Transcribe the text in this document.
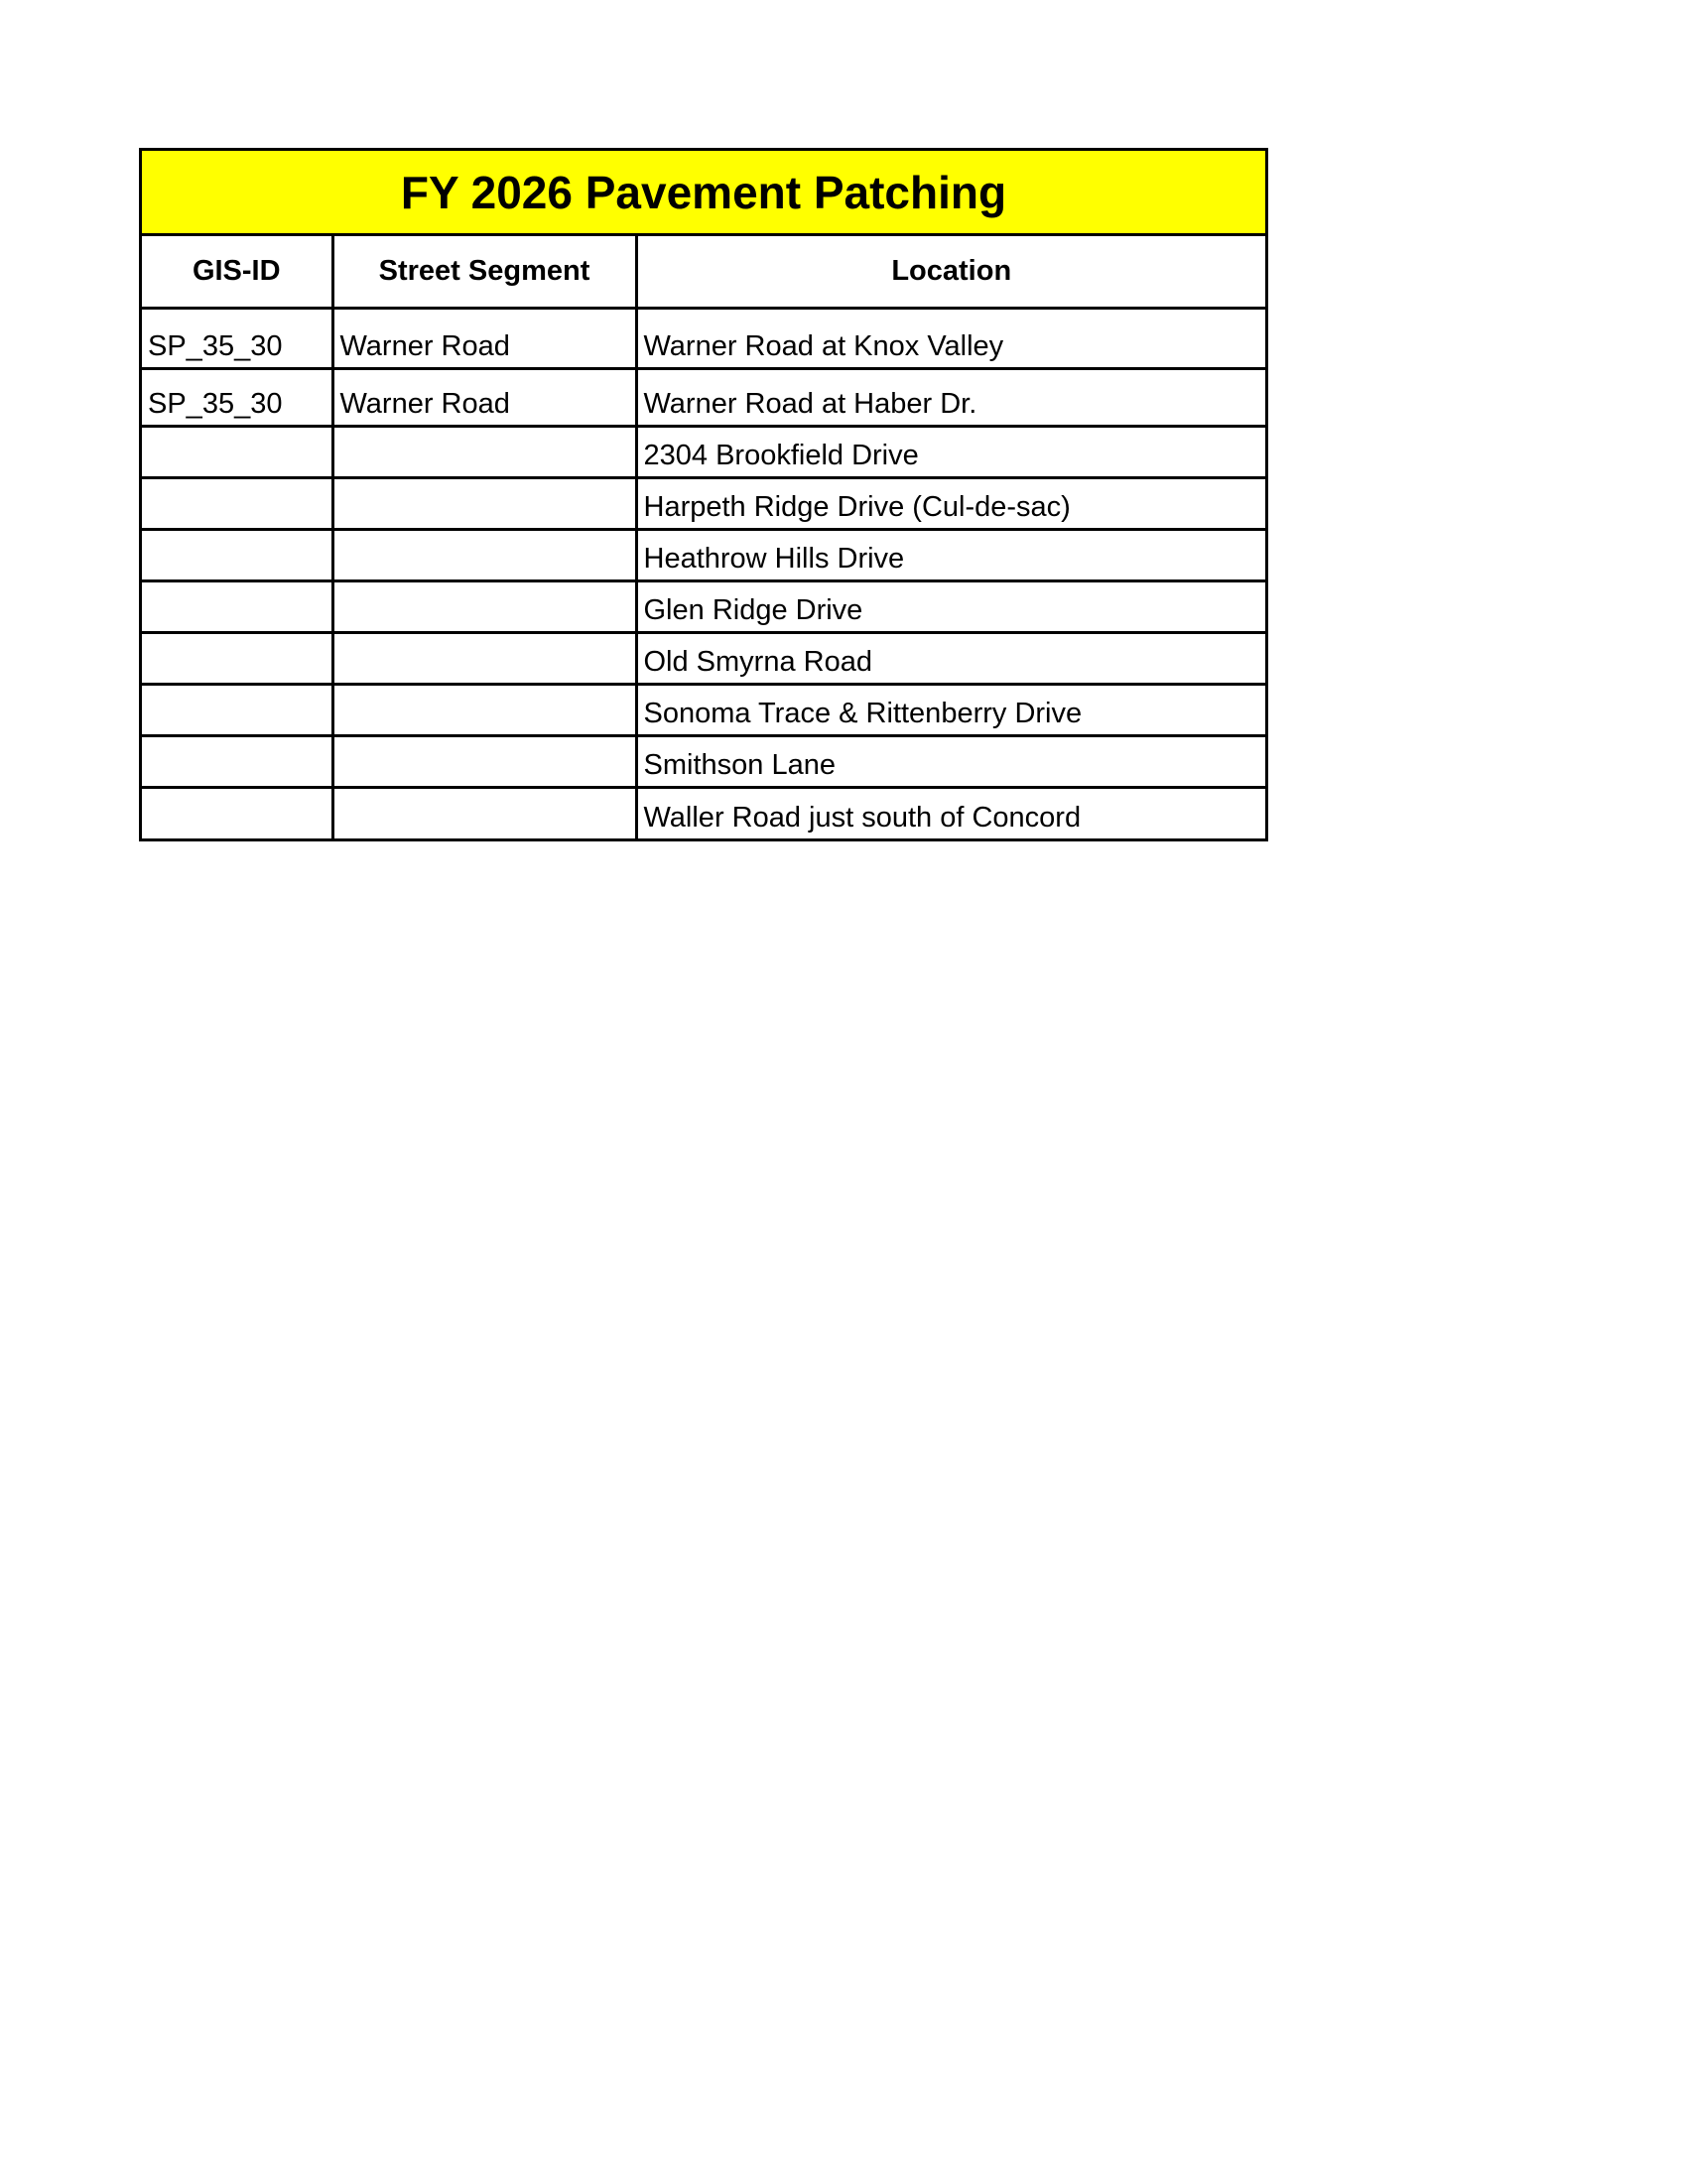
FY 2026 Pavement Patching
GIS-ID	Street Segment	Location
SP_35_30	Warner Road	Warner Road at Knox Valley
SP_35_30	Warner Road	Warner Road at Haber Dr.
		2304 Brookfield Drive
		Harpeth Ridge Drive (Cul-de-sac)
		Heathrow Hills Drive
		Glen Ridge Drive
		Old Smyrna Road
		Sonoma Trace & Rittenberry Drive
		Smithson Lane
		Waller Road just south of Concord
